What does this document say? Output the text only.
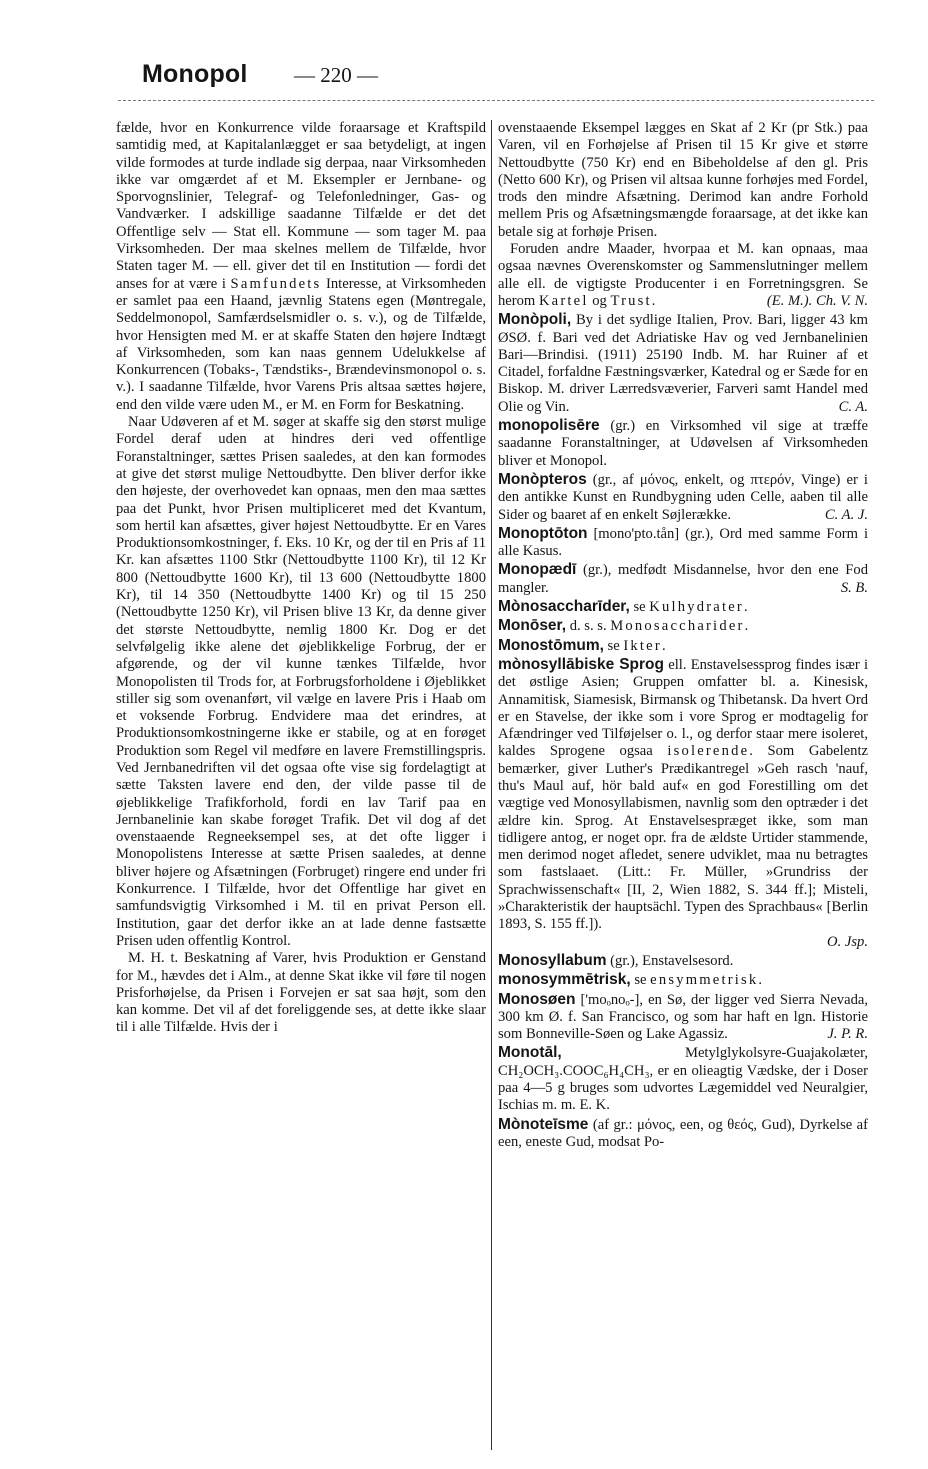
Monopol	— 220 —

fælde, hvor en Konkurrence vilde foraarsage et Kraftspild samtidig med, at Kapitalanlægget er saa betydeligt, at ingen vilde formodes at turde indlade sig derpaa, naar Virksomheden ikke var omgærdet af et M. Eksempler er Jernbane- og Sporvognslinier, Telegraf- og Telefonledninger, Gas- og Vandværker. I adskillige saadanne Tilfælde er det det Offentlige selv — Stat ell. Kommune — som tager M. paa Virksomheden. Der maa skelnes mellem de Tilfælde, hvor Staten tager M. — ell. giver det til en Institution — fordi det anses for at være i Samfundets Interesse, at Virksomheden er samlet paa een Haand, jævnlig Statens egen (Møntregale, Seddelmonopol, Samfærdselsmidler o. s. v.), og de Tilfælde, hvor Hensigten med M. er at skaffe Staten den højere Indtægt af Virksomheden, som kan naas gennem Udelukkelse af Konkurrencen (Tobaks-, Tændstiks-, Brændevinsmonopol o. s. v.). I saadanne Tilfælde, hvor Varens Pris altsaa sættes højere, end den vilde være uden M., er M. en Form for Beskatning.

Naar Udøveren af et M. søger at skaffe sig den størst mulige Fordel deraf uden at hindres deri ved offentlige Foranstaltninger, sættes Prisen saaledes, at den kan formodes at give det størst mulige Nettoudbytte. Den bliver derfor ikke den højeste, der overhovedet kan opnaas, men den maa sættes paa det Punkt, hvor Prisen multipliceret med det Kvantum, som hertil kan afsættes, giver højest Nettoudbytte. Er en Vares Produktionsomkostninger, f. Eks. 10 Kr, og der til en Pris af 11 Kr. kan afsættes 1100 Stkr (Nettoudbytte 1100 Kr), til 12 Kr 800 (Nettoudbytte 1600 Kr), til 13 600 (Nettoudbytte 1800 Kr), til 14 350 (Nettoudbytte 1400 Kr) og til 15 250 (Nettoudbytte 1250 Kr), vil Prisen blive 13 Kr, da denne giver det største Nettoudbytte, nemlig 1800 Kr. Dog er det selvfølgelig ikke alene det øjeblikkelige Forbrug, der er afgørende, og der vil kunne tænkes Tilfælde, hvor Monopolisten til Trods for, at Forbrugsforholdene i Øjeblikket stiller sig som ovenanført, vil vælge en lavere Pris i Haab om et voksende Forbrug. Endvidere maa det erindres, at Produktionsomkostningerne ikke er stabile, og at en forøget Produktion som Regel vil medføre en lavere Fremstillingspris. Ved Jernbanedriften vil det ogsaa ofte vise sig fordelagtigt at sætte Taksten lavere end den, der vilde passe til de øjeblikkelige Trafikforhold, fordi en lav Tarif paa en Jernbanelinie kan skabe forøget Trafik. Det vil dog af det ovenstaaende Regneeksempel ses, at det ofte ligger i Monopolistens Interesse at sætte Prisen saaledes, at denne bliver højere og Afsætningen (Forbruget) ringere end under fri Konkurrence. I Tilfælde, hvor det Offentlige har givet en samfundsvigtig Virksomhed i M. til en privat Person ell. Institution, gaar det derfor ikke an at lade denne fastsætte Prisen uden offentlig Kontrol.

M. H. t. Beskatning af Varer, hvis Produktion er Genstand for M., hævdes det i Alm., at denne Skat ikke vil føre til nogen Prisforhøjelse, da Prisen i Forvejen er sat saa højt, som den kan komme. Det vil af det foreliggende ses, at dette ikke slaar til i alle Tilfælde. Hvis der i

ovenstaaende Eksempel lægges en Skat af 2 Kr (pr Stk.) paa Varen, vil en Forhøjelse af Prisen til 15 Kr give et større Nettoudbytte (750 Kr) end en Bibeholdelse af den gl. Pris (Netto 600 Kr), og Prisen vil altsaa kunne forhøjes med Fordel, trods den mindre Afsætning. Derimod kan andre Forhold mellem Pris og Afsætningsmængde foraarsage, at det ikke kan betale sig at forhøje Prisen.

Foruden andre Maader, hvorpaa et M. kan opnaas, maa ogsaa nævnes Overenskomster og Sammenslutninger mellem alle ell. de vigtigste Producenter i en Forretningsgren. Se herom Kartel og Trust.	(E. M.). Ch. V. N.

Monòpoli, By i det sydlige Italien, Prov. Bari, ligger 43 km ØSØ. f. Bari ved det Adriatiske Hav og ved Jernbanelinien Bari—Brindisi. (1911) 25190 Indb. M. har Ruiner af et Citadel, forfaldne Fæstningsværker, Katedral og er Sæde for en Biskop. M. driver Lærredsvæverier, Farveri samt Handel med Olie og Vin.	C. A.

monopolisēre (gr.) en Virksomhed vil sige at træffe saadanne Foranstaltninger, at Udøvelsen af Virksomheden bliver et Monopol.

Monòpteros (gr., af μόνος, enkelt, og πτερόν, Vinge) er i den antikke Kunst en Rundbygning uden Celle, aaben til alle Sider og baaret af en enkelt Søjlerække.	C. A. J.

Monoptōton [mono'pto.tån] (gr.), Ord med samme Form i alle Kasus.

Monopædī (gr.), medfødt Misdannelse, hvor den ene Fod mangler.	S. B.

Mònosaccharīder, se Kulhydrater.

Monōser, d. s. s. Monosaccharider.

Monostōmum, se Ikter.

mònosyllābiske Sprog ell. Enstavelsessprog findes især i det østlige Asien; Gruppen omfatter bl. a. Kinesisk, Annamitisk, Siamesisk, Birmansk og Thibetansk. Da hvert Ord er en Stavelse, der ikke som i vore Sprog er modtagelig for Afændringer ved Tilføjelser o. l., og derfor staar mere isoleret, kaldes Sprogene ogsaa isolerende. Som Gabelentz bemærker, giver Luther's Prædikantregel »Geh rasch 'nauf, thu's Maul auf, hör bald auf« en god Forestilling om det vægtige ved Monosyllabismen, navnlig som den optræder i det ældre kin. Sprog. At Enstavelsespræget ikke, som man tidligere antog, er noget opr. fra de ældste Urtider stammende, men derimod noget afledet, senere udviklet, maa nu betragtes som fastslaaet. (Litt.: Fr. Müller, »Grundriss der Sprachwissenschaft« [II, 2, Wien 1882, S. 344 ff.]; Misteli, »Charakteristik der hauptsächl. Typen des Sprachbaus« [Berlin 1893, S. 155 ff.]).

O. Jsp.

Monosyllabum (gr.), Enstavelsesord.

monosymmētrisk, se ensymmetrisk.

Monosøen ['moₒnoₒ-], en Sø, der ligger ved Sierra Nevada, 300 km Ø. f. San Francisco, og som har haft en lgn. Historie som Bonneville-Søen og Lake Agassiz.	J. P. R.

Monotāl, Metylglykolsyre-Guajakolæter, CH₂OCH₃.COOC₆H₄CH₃, er en olieagtig Vædske, der i Doser paa 4—5 g bruges som udvortes Lægemiddel ved Neuralgier, Ischias m. m. E. K.

Mònoteīsme (af gr.: μόνος, een, og θεός, Gud), Dyrkelse af een, eneste Gud, modsat Po-
